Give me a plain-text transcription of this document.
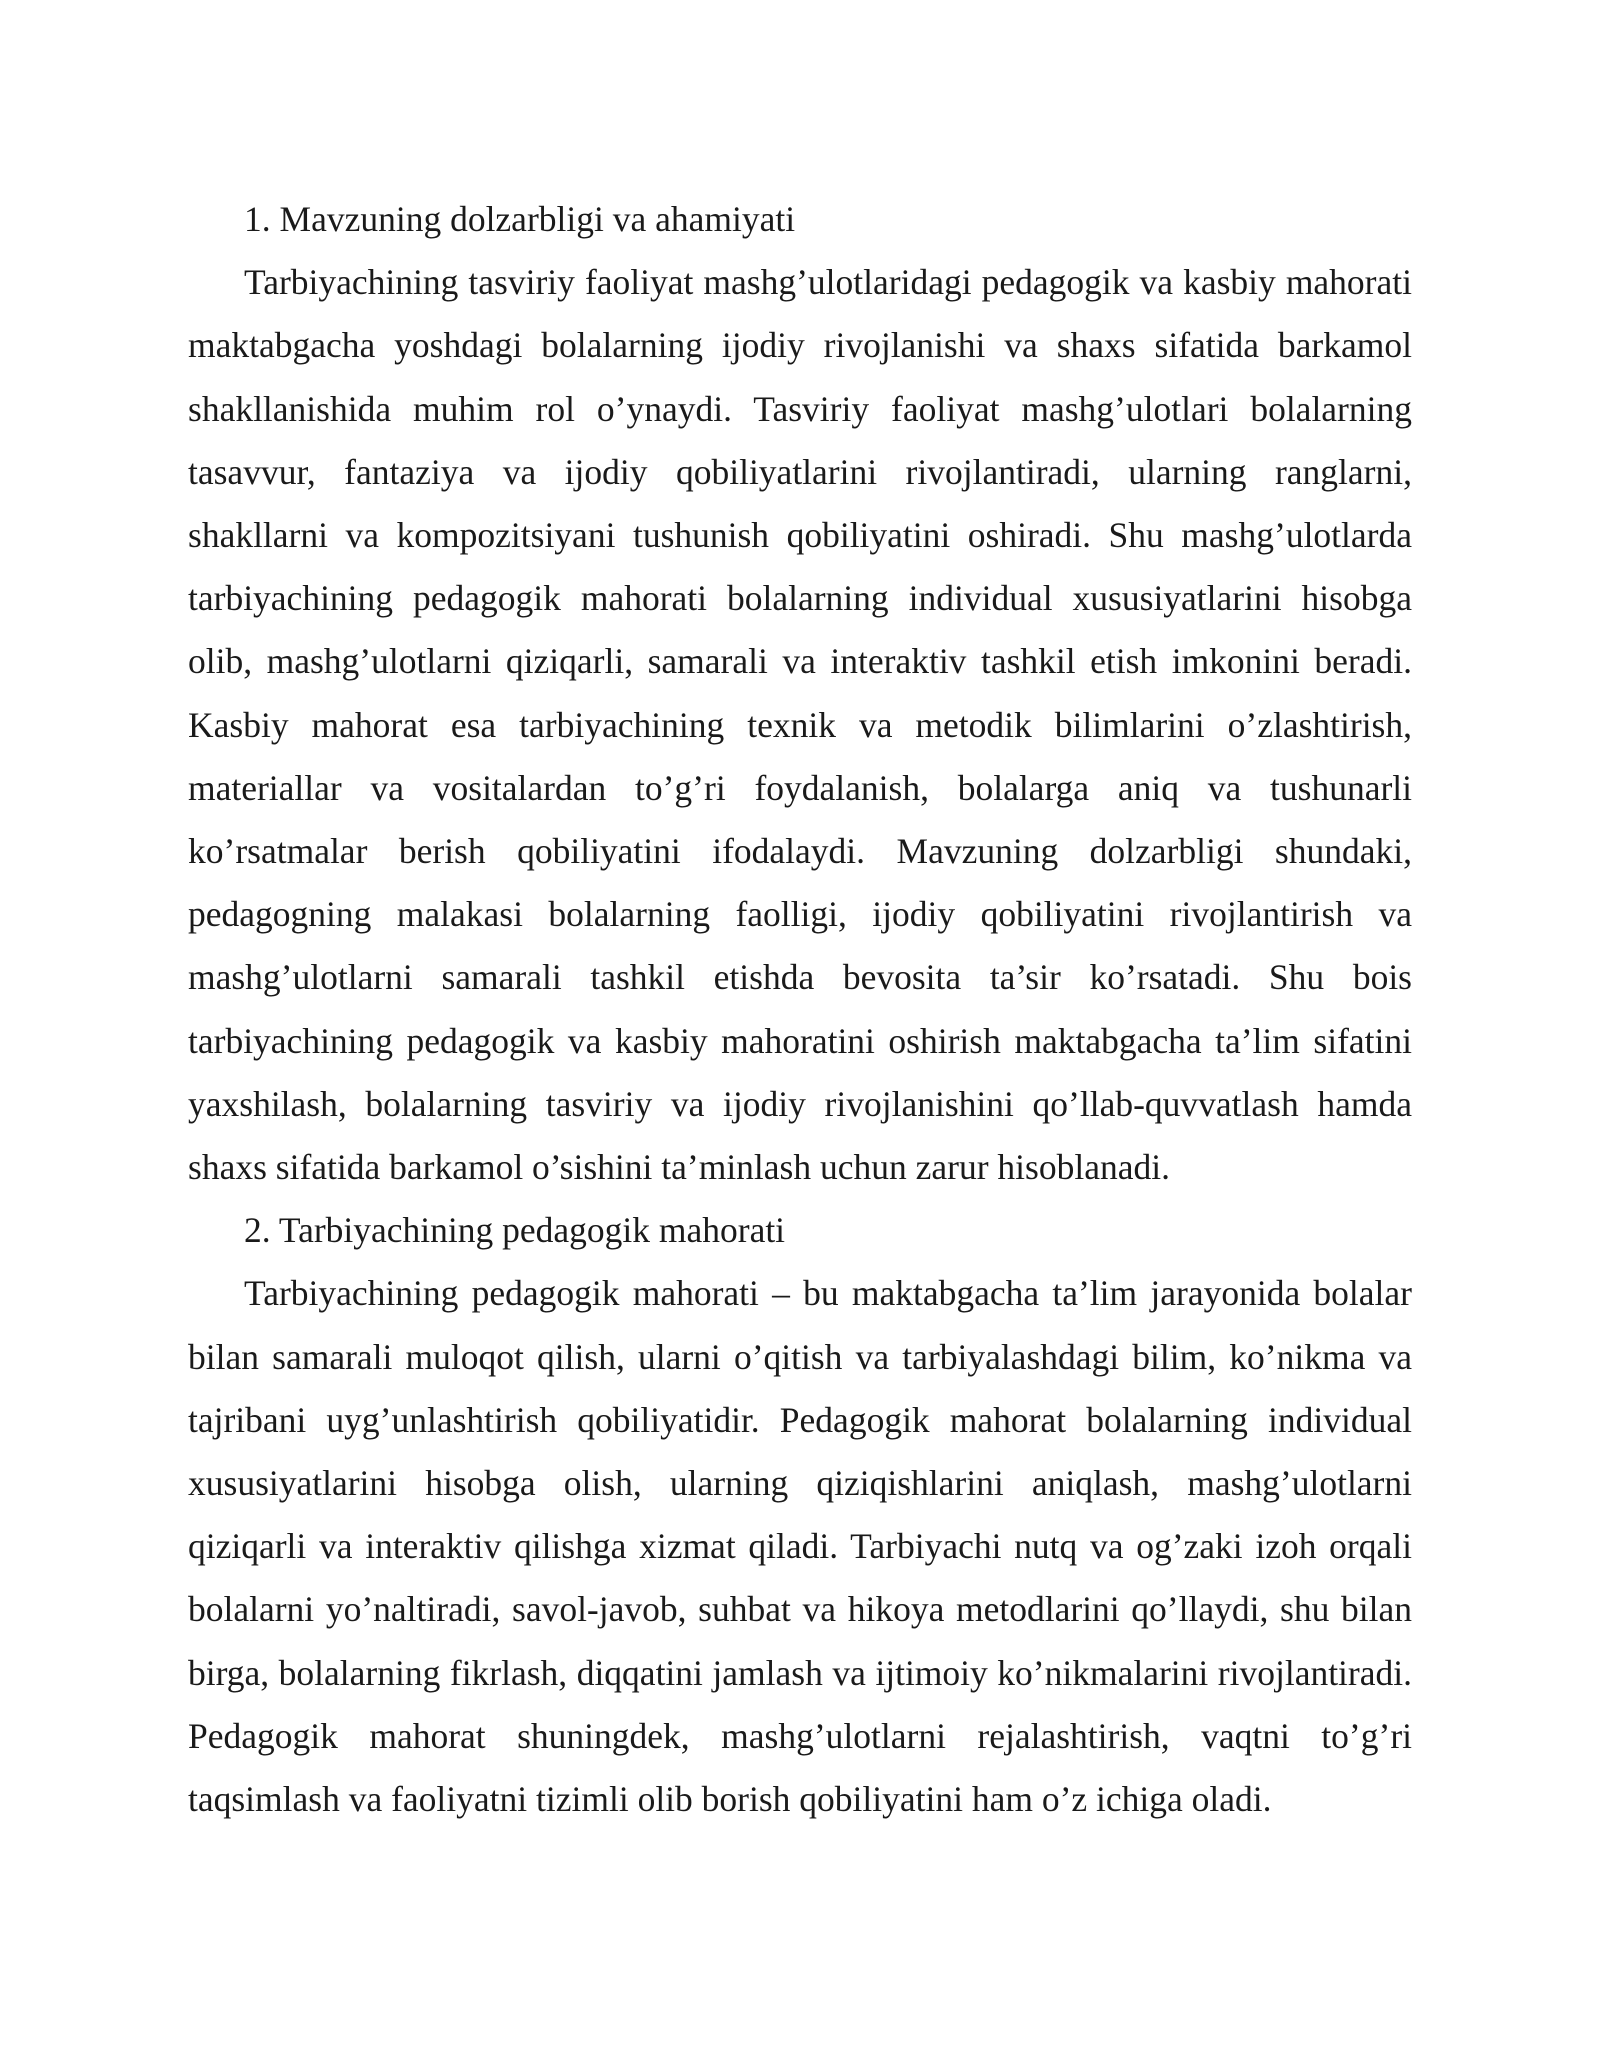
1. Mavzuning dolzarbligi va ahamiyati

Tarbiyachining tasviriy faoliyat mashg’ulotlaridagi pedagogik va kasbiy mahorati maktabgacha yoshdagi bolalarning ijodiy rivojlanishi va shaxs sifatida barkamol shakllanishida muhim rol o’ynaydi. Tasviriy faoliyat mashg’ulotlari bolalarning tasavvur, fantaziya va ijodiy qobiliyatlarini rivojlantiradi, ularning ranglarni, shakllarni va kompozitsiyani tushunish qobiliyatini oshiradi. Shu mashg’ulotlarda tarbiyachining pedagogik mahorati bolalarning individual xususiyatlarini hisobga olib, mashg’ulotlarni qiziqarli, samarali va interaktiv tashkil etish imkonini beradi. Kasbiy mahorat esa tarbiyachining texnik va metodik bilimlarini o’zlashtirish, materiallar va vositalardan to’g’ri foydalanish, bolalarga aniq va tushunarli ko’rsatmalar berish qobiliyatini ifodalaydi. Mavzuning dolzarbligi shundaki, pedagogning malakasi bolalarning faolligi, ijodiy qobiliyatini rivojlantirish va mashg’ulotlarni samarali tashkil etishda bevosita ta’sir ko’rsatadi. Shu bois tarbiyachining pedagogik va kasbiy mahoratini oshirish maktabgacha ta’lim sifatini yaxshilash, bolalarning tasviriy va ijodiy rivojlanishini qo’llab-quvvatlash hamda shaxs sifatida barkamol o’sishini ta’minlash uchun zarur hisoblanadi.

2. Tarbiyachining pedagogik mahorati

Tarbiyachining pedagogik mahorati – bu maktabgacha ta’lim jarayonida bolalar bilan samarali muloqot qilish, ularni o’qitish va tarbiyalashdagi bilim, ko’nikma va tajribani uyg’unlashtirish qobiliyatidir. Pedagogik mahorat bolalarning individual xususiyatlarini hisobga olish, ularning qiziqishlarini aniqlash, mashg’ulotlarni qiziqarli va interaktiv qilishga xizmat qiladi. Tarbiyachi nutq va og’zaki izoh orqali bolalarni yo’naltiradi, savol-javob, suhbat va hikoya metodlarini qo’llaydi, shu bilan birga, bolalarning fikrlash, diqqatini jamlash va ijtimoiy ko’nikmalarini rivojlantiradi. Pedagogik mahorat shuningdek, mashg’ulotlarni rejalashtirish, vaqtni to’g’ri taqsimlash va faoliyatni tizimli olib borish qobiliyatini ham o’z ichiga oladi.
